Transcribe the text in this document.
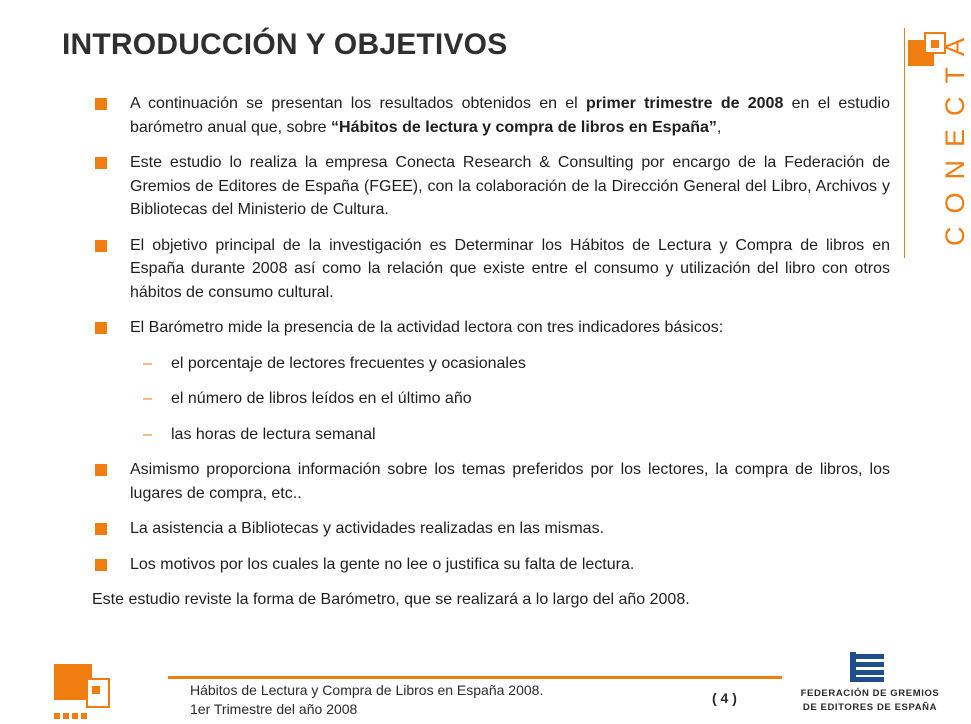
INTRODUCCIÓN Y OBJETIVOS	CONECTA
A continuación se presentan los resultados obtenidos en el primer trimestre de 2008 en el estudio barómetro anual que, sobre “Hábitos de lectura y compra de libros en España”,
Este estudio lo realiza la empresa Conecta Research & Consulting por encargo de la Federación de Gremios de Editores de España (FGEE), con la colaboración de la Dirección General del Libro, Archivos y Bibliotecas del Ministerio de Cultura.
El objetivo principal de la investigación es Determinar los Hábitos de Lectura y Compra de libros en España durante 2008 así como la relación que existe entre el consumo y utilización del libro con otros hábitos de consumo cultural.
El Barómetro mide la presencia de la actividad lectora con tres indicadores básicos:
– el porcentaje de lectores frecuentes y ocasionales
– el número de libros leídos en el último año
– las horas de lectura semanal
Asimismo proporciona información sobre los temas preferidos por los lectores, la compra de libros, los lugares de compra, etc..
La asistencia a Bibliotecas y actividades realizadas en las mismas.
Los motivos por los cuales la gente no lee o justifica su falta de lectura.
Este estudio reviste la forma de Barómetro, que se realizará a lo largo del año 2008.
Hábitos de Lectura y Compra de Libros en España 2008.
1er Trimestre del año 2008
( 4 )	FEDERACIÓN DE GREMIOS
DE EDITORES DE ESPAÑA
